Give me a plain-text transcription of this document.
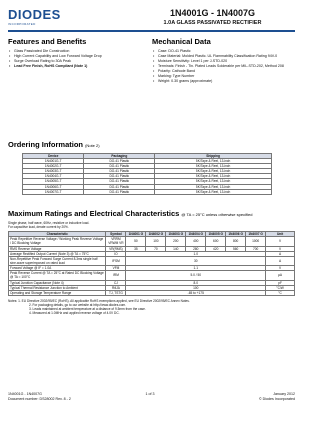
DIODES
INCORPORATED
1N4001G - 1N4007G
1.0A GLASS PASSIVATED RECTIFIER
Features and Benefits
• Glass Passivated Die Construction
• High Current Capability and Low Forward Voltage Drop
• Surge Overload Rating to 30A Peak
• Lead Free Finish, RoHS Compliant (Note 1)
Mechanical Data
• Case: DO-41 Plastic
• Case Material: Molded Plastic. UL Flammability Classification Rating 94V-0
• Moisture Sensitivity: Level 1 per J-STD-020
• Terminals: Finish - Tin. Plated Leads Solderable per MIL-STD-202, Method 208
• Polarity: Cathode Band
• Marking: Type Number
• Weight: 0.30 grams (approximate)
Ordering Information (Note 2)
Device	Packaging	Shipping
1N4001G-T	DO-41 Plastic	5K/Tape & Reel, 13-inch
1N4002G-T	DO-41 Plastic	5K/Tape & Reel, 13-inch
1N4003G-T	DO-41 Plastic	5K/Tape & Reel, 13-inch
1N4004G-T	DO-41 Plastic	5K/Tape & Reel, 13-inch
1N4005G-T	DO-41 Plastic	5K/Tape & Reel, 13-inch
1N4006G-T	DO-41 Plastic	5K/Tape & Reel, 13-inch
1N4007G-T	DO-41 Plastic	5K/Tape & Reel, 13-inch
Maximum Ratings and Electrical Characteristics @ TA = 25°C unless otherwise specified
Single phase, half wave, 60Hz, resistive or inductive load.
For capacitive load, derate current by 20%.
Characteristic	Symbol	1N4001 G	1N4002 G	1N4003 G	1N4004 G	1N4005 G	1N4006 G	1N4007 G	Unit
Peak Repetitive Reverse Voltage / Working Peak Reverse Voltage / DC Blocking Voltage	VRRM VRWM VR	50	100	200	400	600	800	1000	V
RMS Reverse Voltage	VR(RMS)	35	70	140	280	420	560	700	V
Average Rectified Output Current (Note 3) @ TA = 75°C	IO	1.0							A
Non-Repetitive Peak Forward Surge Current 8.3ms single half sine-wave superimposed on rated load	IFSM	30							A
Forward Voltage @ IF = 1.0A	VFM	1.1							V
Peak Reverse Current @ TA = 25°C at Rated DC Blocking Voltage @ TA = 100°C	IRM	5.0 / 50							µA
Typical Junction Capacitance (Note 4)	CJ	8.0							pF
Typical Thermal Resistance Junction to Ambient	RθJA	100							°C/W
Operating and Storage Temperature Range	TJ, TSTG	-65 to +175							°C
Notes: 1. EU Directive 2002/95/EC (RoHS). All applicable RoHS exemptions applied, see EU Directive 2002/95/EC Annex Notes.
2. For packaging details, go to our website at http://www.diodes.com.
3. Leads maintained at ambient temperature at a distance of 9.5mm from the case.
4. Measured at 1.0MHz and applied reverse voltage of 4.0V DC.
1N4001G - 1N4007G
Document number: DS28002 Rev. 8 - 2
1 of 3	January 2012
© Diodes Incorporated
